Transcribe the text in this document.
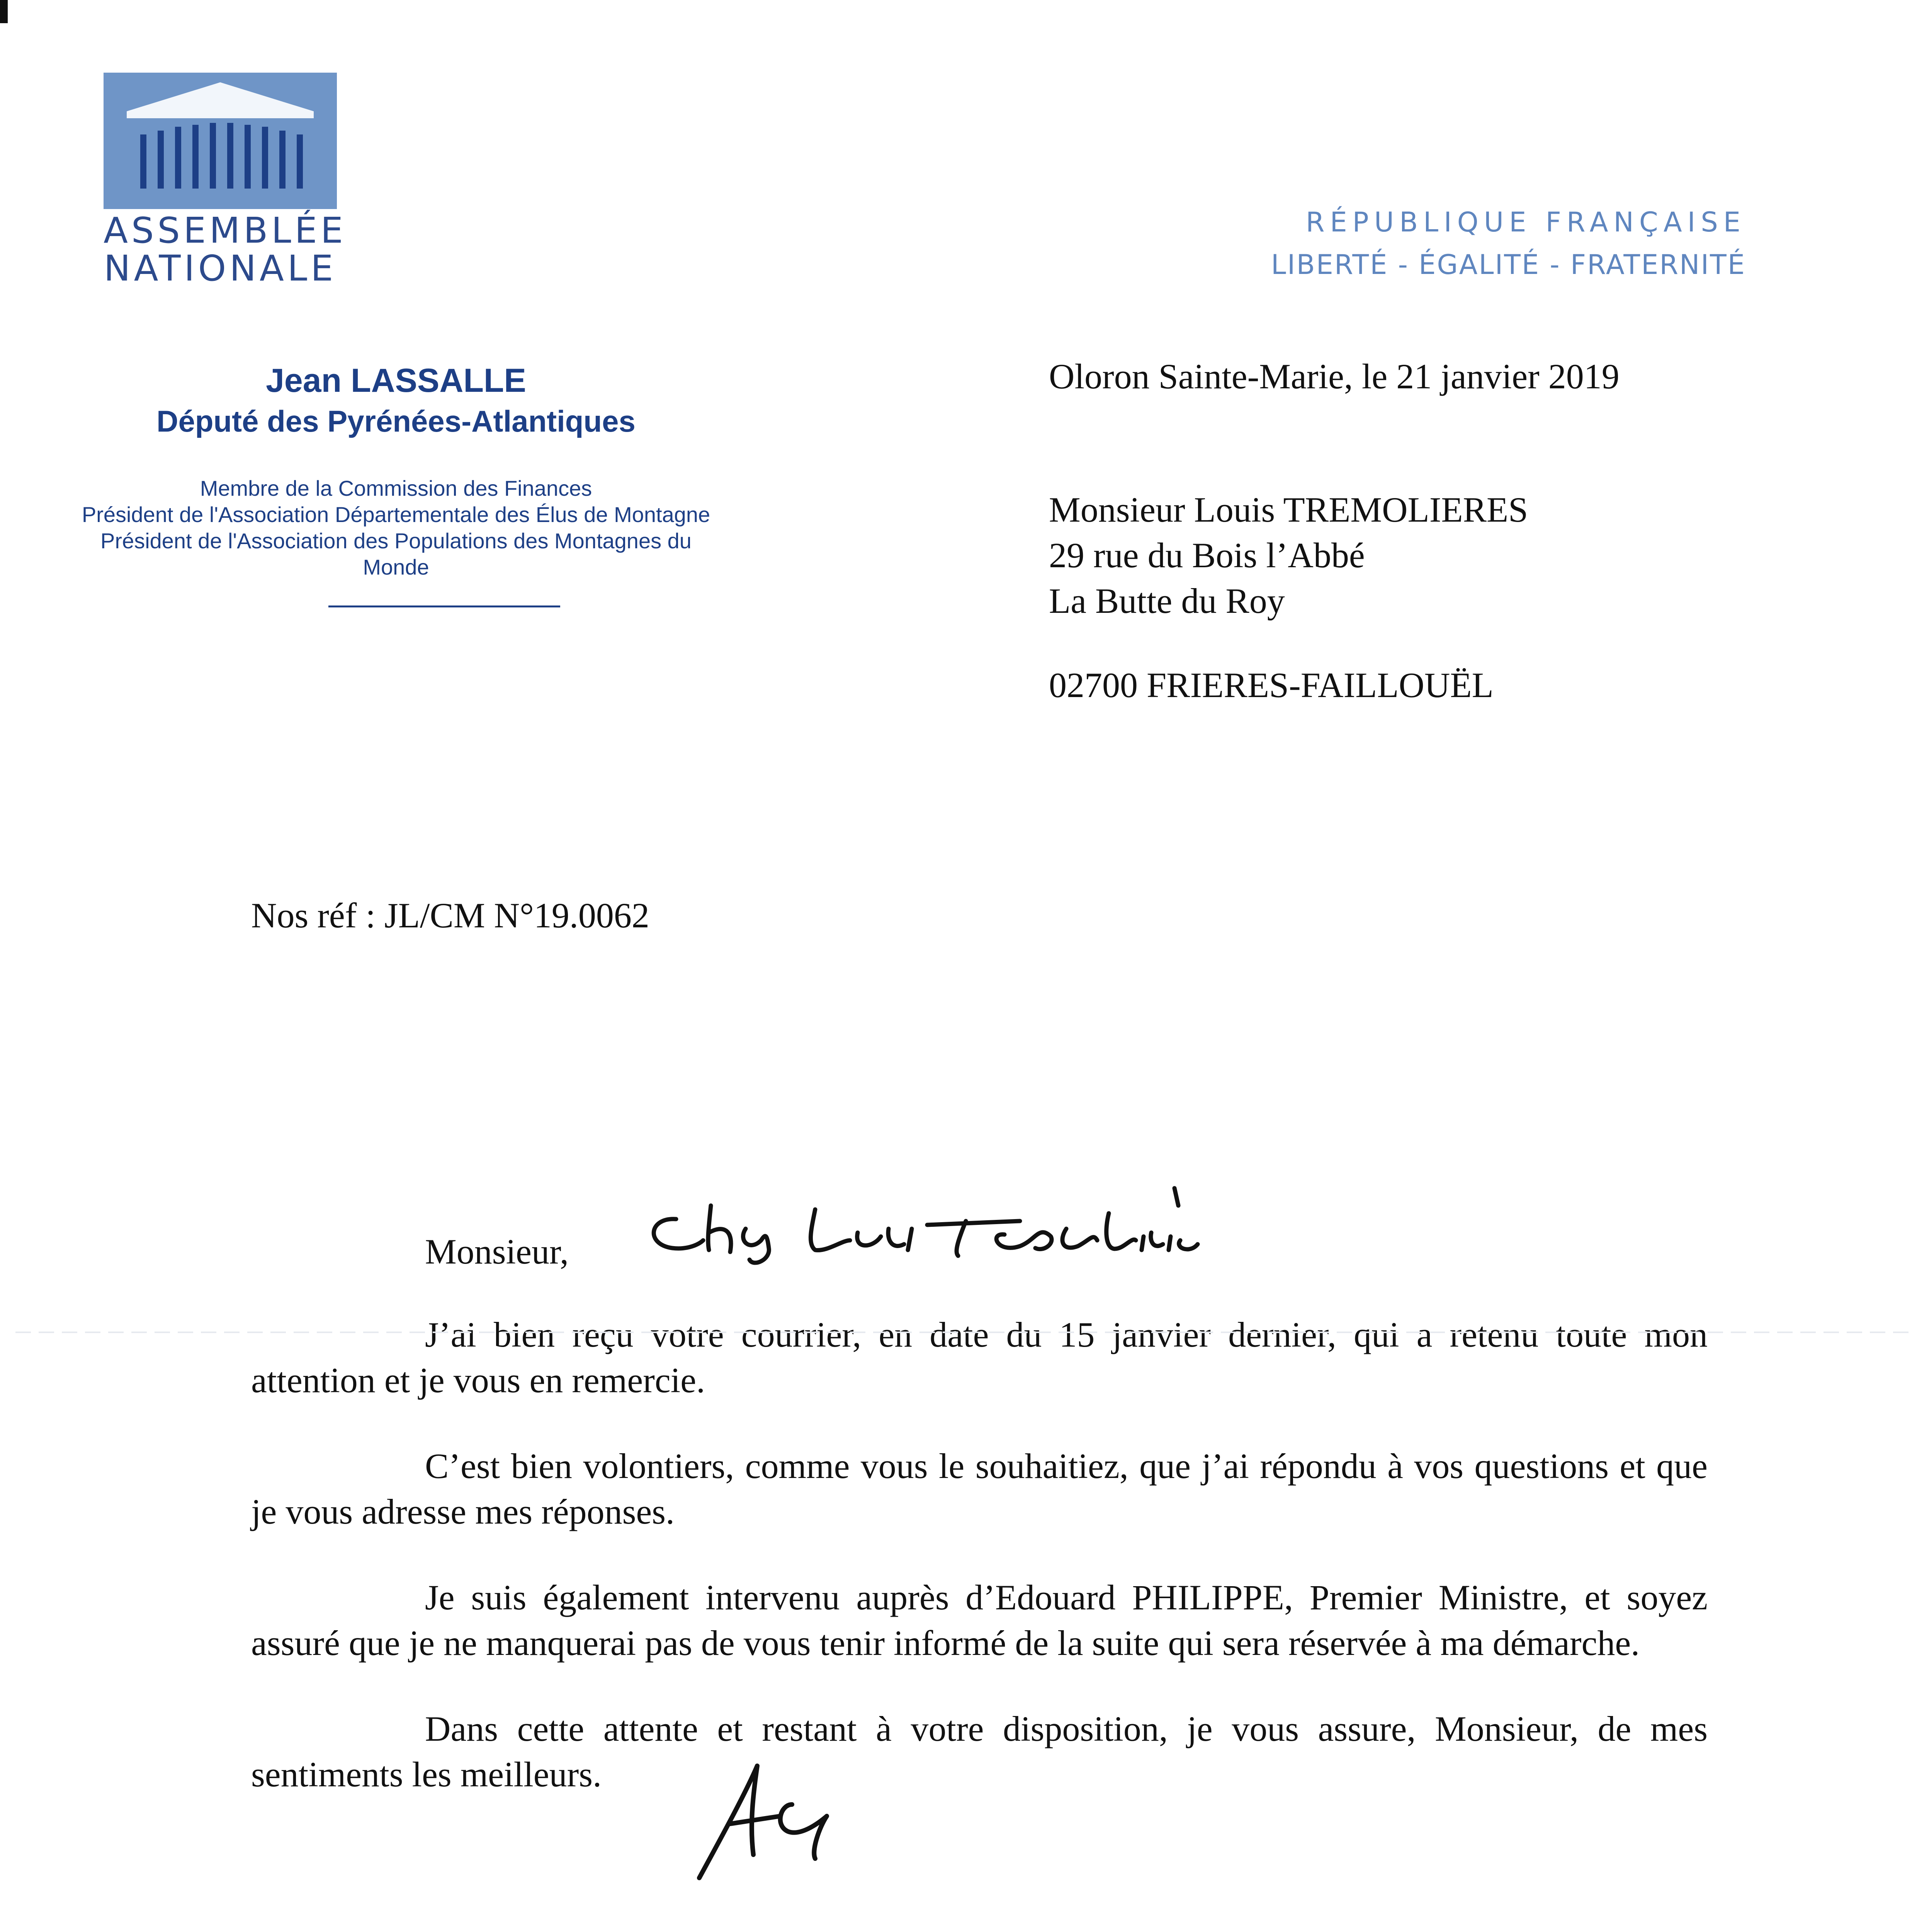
ASSEMBLÉE
NATIONALE
RÉPUBLIQUE FRANÇAISE
LIBERTÉ - ÉGALITÉ - FRATERNITÉ
Jean LASSALLE
Député des Pyrénées-Atlantiques
Membre de la Commission des Finances
Président de l'Association Départementale des Élus de Montagne
Président de l'Association des Populations des Montagnes du Monde
Oloron Sainte-Marie, le 21 janvier 2019
Monsieur Louis TREMOLIERES
29 rue du Bois l’Abbé
La Butte du Roy
02700 FRIERES-FAILLOUËL
Nos réf : JL/CM N°19.0062
Monsieur,

J’ai bien reçu votre courrier, en date du 15 janvier dernier, qui a retenu toute mon attention et je vous en remercie.

C’est bien volontiers, comme vous le souhaitiez, que j’ai répondu à vos questions et que je vous adresse mes réponses.

Je suis également intervenu auprès d’Edouard PHILIPPE, Premier Ministre, et soyez assuré que je ne manquerai pas de vous tenir informé de la suite qui sera réservée à ma démarche.

Dans cette attente et restant à votre disposition, je vous assure, Monsieur, de mes sentiments les meilleurs.
